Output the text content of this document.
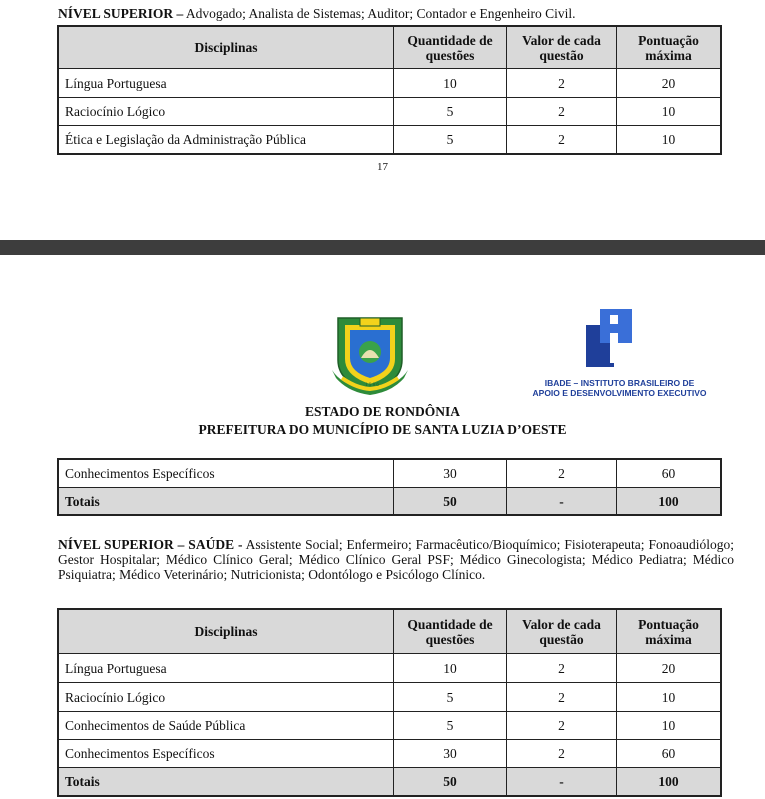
NÍVEL SUPERIOR – Advogado; Analista de Sistemas; Auditor; Contador e Engenheiro Civil.
Disciplinas	Quantidade de questões	Valor de cada questão	Pontuação máxima
Língua Portuguesa	10	2	20
Raciocínio Lógico	5	2	10
Ética e Legislação da Administração Pública	5	2	10
17
1 9 8 6	IBADE – INSTITUTO BRASILEIRO DE
APOIO E DESENVOLVIMENTO EXECUTIVO
ESTADO DE RONDÔNIA
PREFEITURA DO MUNICÍPIO DE SANTA LUZIA D’OESTE
Conhecimentos Específicos	30	2	60
Totais	50	-	100
NÍVEL SUPERIOR – SAÚDE - Assistente Social; Enfermeiro; Farmacêutico/Bioquímico; Fisioterapeuta; Fonoaudiólogo; Gestor Hospitalar; Médico Clínico Geral; Médico Clínico Geral PSF; Médico Ginecologista; Médico Pediatra; Médico Psiquiatra; Médico Veterinário; Nutricionista; Odontólogo e Psicólogo Clínico.
Disciplinas	Quantidade de questões	Valor de cada questão	Pontuação máxima
Língua Portuguesa	10	2	20
Raciocínio Lógico	5	2	10
Conhecimentos de Saúde Pública	5	2	10
Conhecimentos Específicos	30	2	60
Totais	50	-	100
